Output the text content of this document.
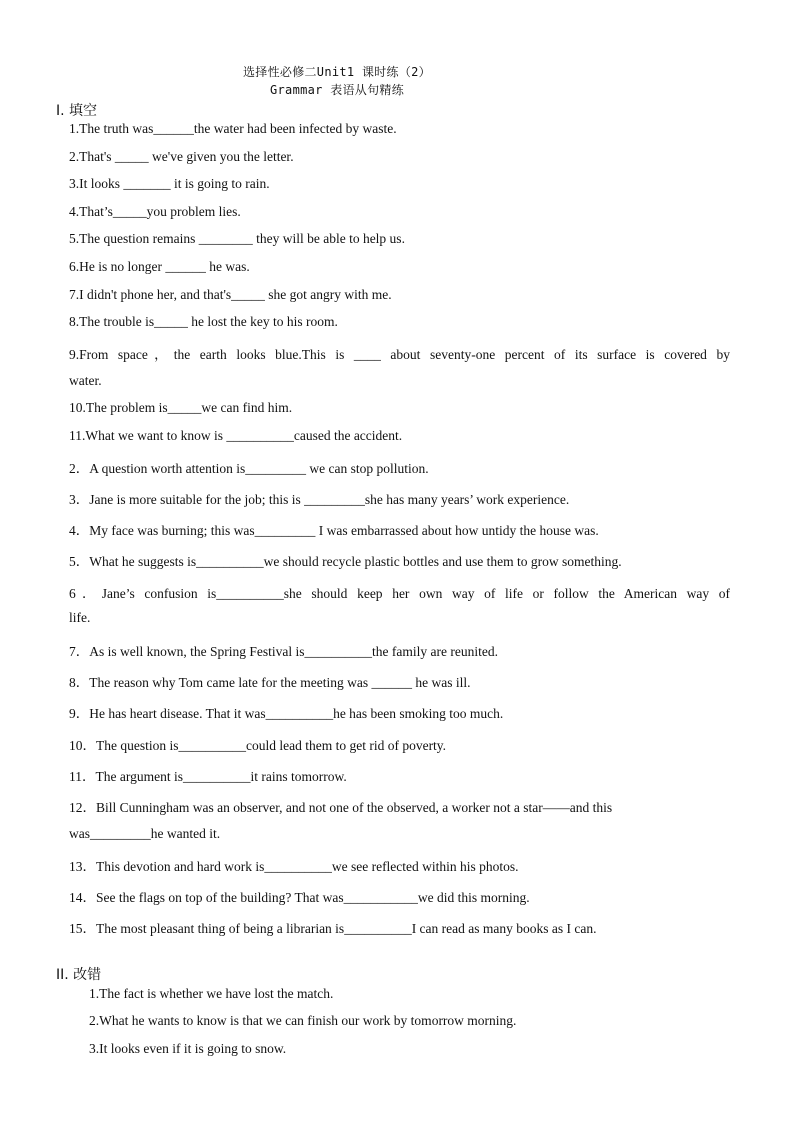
选择性必修二Unit1 课时练（2）
Grammar 表语从句精练
I. 填空
1.The truth was______the water had been infected by waste.
2.That's _____ we've given you the letter.
3.It looks _______ it is going to rain.
4.That’s_____you problem lies.
5.The question remains ________ they will be able to help us.
6.He is no longer ______ he was.
7.I didn't phone her, and that's_____ she got angry with me.
8.The trouble is_____ he lost the key to his room.
9.From space，the earth looks blue.This is ____ about seventy-one percent of its surface is covered by
water.
10.The problem is_____we can find him.
11.What we want to know is __________caused the accident.
2．A question worth attention is_________ we can stop pollution.
3．Jane is more suitable for the job; this is _________she has many years’ work experience.
4．My face was burning; this was_________ I was embarrassed about how untidy the house was.
5．What he suggests is__________we should recycle plastic bottles and use them to grow something.
6．Jane’s confusion is__________she should keep her own way of life or follow the American way of
life.
7．As is well known, the Spring Festival is__________the family are reunited.
8．The reason why Tom came late for the meeting was ______ he was ill.
9．He has heart disease. That it was__________he has been smoking too much.
10．The question is__________could lead them to get rid of poverty.
11．The argument is__________it rains tomorrow.
12．Bill Cunningham was an observer, and not one of the observed, a worker not a star——and this
was_________he wanted it.
13．This devotion and hard work is__________we see reflected within his photos.
14．See the flags on top of the building? That was___________we did this morning.
15．The most pleasant thing of being a librarian is__________I can read as many books as I can.
II. 改错
1.The fact is whether we have lost the match.
2.What he wants to know is that we can finish our work by tomorrow morning.
3.It looks even if it is going to snow.
